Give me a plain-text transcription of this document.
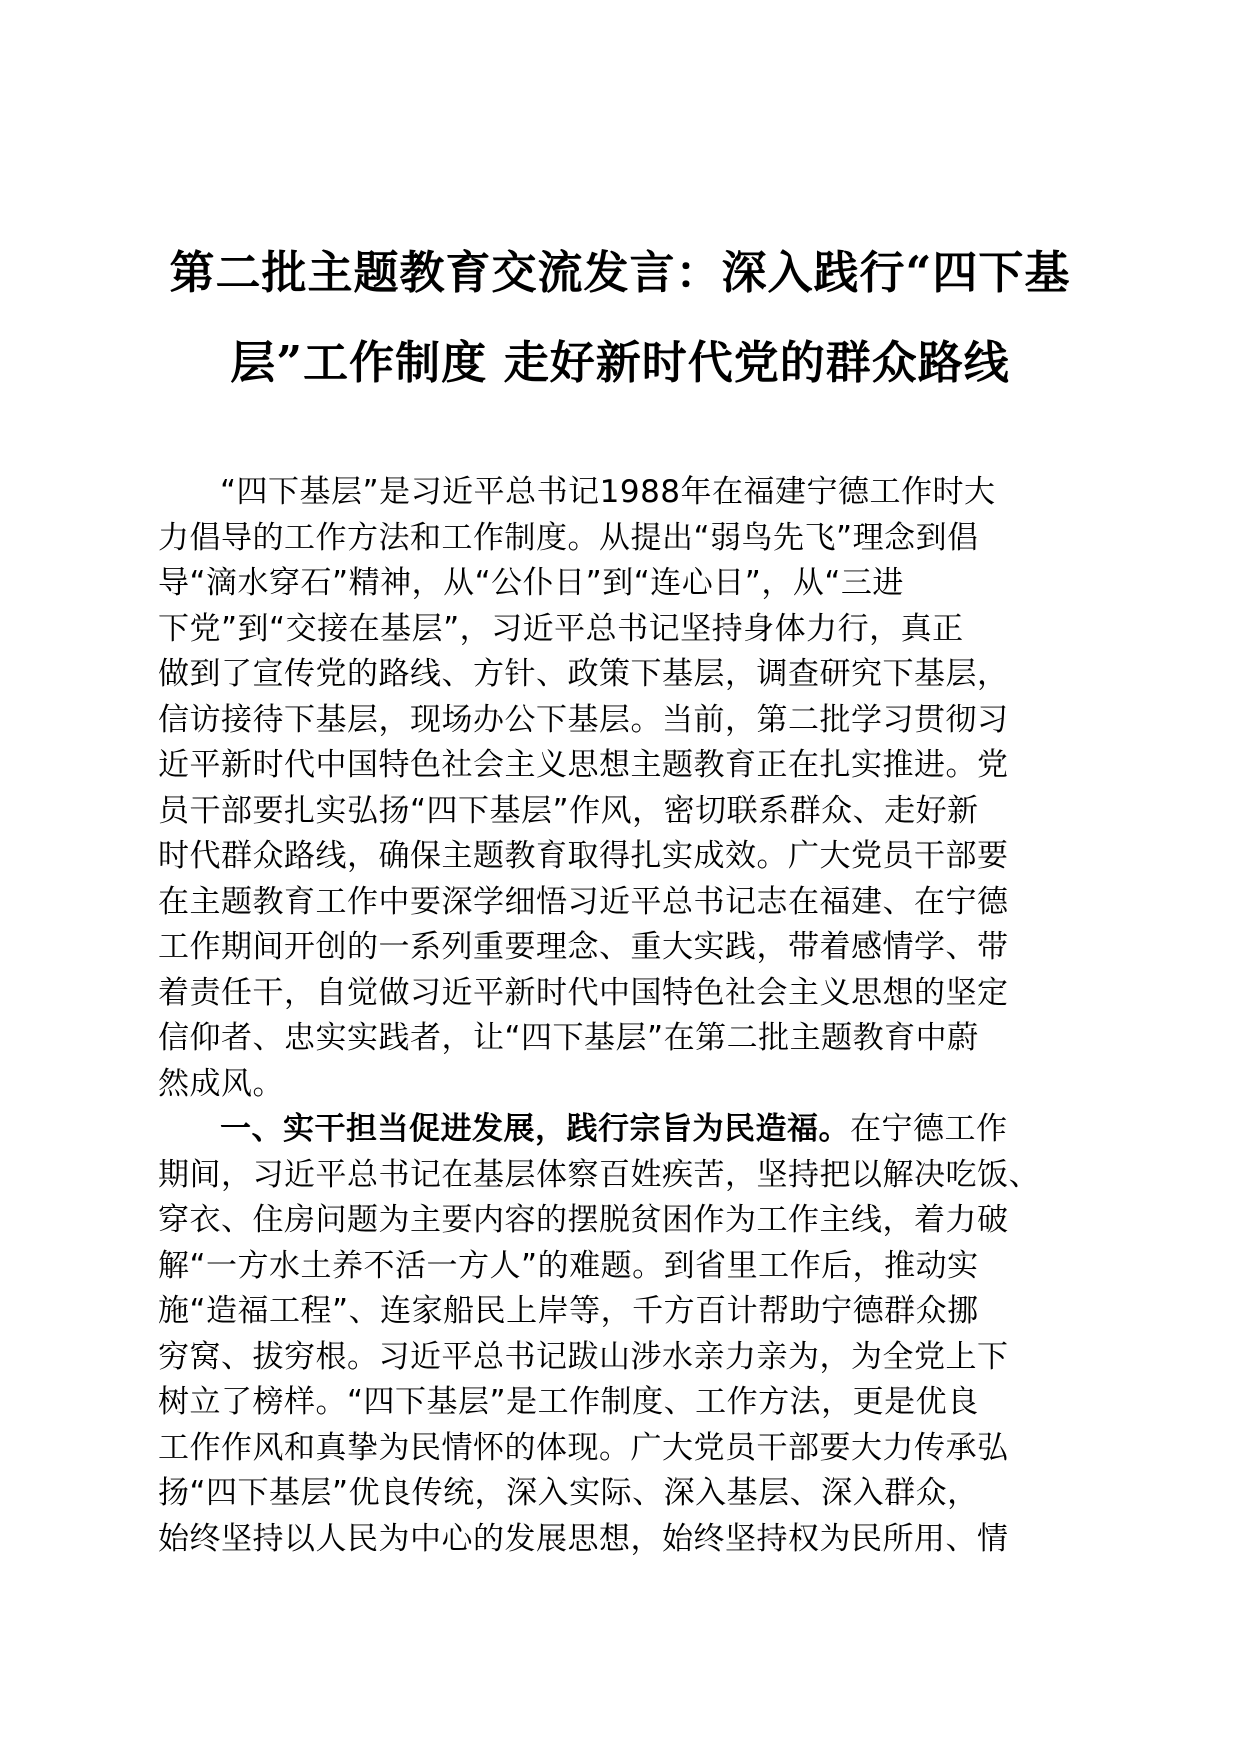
第二批主题教育交流发言：深入践行“四下基
层”工作制度 走好新时代党的群众路线
“四下基层”是习近平总书记1988年在福建宁德工作时大
力倡导的工作方法和工作制度。从提出“弱鸟先飞”理念到倡
导“滴水穿石”精神，从“公仆日”到“连心日”，从“三进
下党”到“交接在基层”，习近平总书记坚持身体力行，真正
做到了宣传党的路线、方针、政策下基层，调查研究下基层，
信访接待下基层，现场办公下基层。当前，第二批学习贯彻习
近平新时代中国特色社会主义思想主题教育正在扎实推进。党
员干部要扎实弘扬“四下基层”作风，密切联系群众、走好新
时代群众路线，确保主题教育取得扎实成效。广大党员干部要
在主题教育工作中要深学细悟习近平总书记志在福建、在宁德
工作期间开创的一系列重要理念、重大实践，带着感情学、带
着责任干，自觉做习近平新时代中国特色社会主义思想的坚定
信仰者、忠实实践者，让“四下基层”在第二批主题教育中蔚
然成风。
一、实干担当促进发展，践行宗旨为民造福。在宁德工作
期间，习近平总书记在基层体察百姓疾苦，坚持把以解决吃饭、
穿衣、住房问题为主要内容的摆脱贫困作为工作主线，着力破
解“一方水土养不活一方人”的难题。到省里工作后，推动实
施“造福工程”、连家船民上岸等，千方百计帮助宁德群众挪
穷窝、拔穷根。习近平总书记跋山涉水亲力亲为，为全党上下
树立了榜样。“四下基层”是工作制度、工作方法，更是优良
工作作风和真挚为民情怀的体现。广大党员干部要大力传承弘
扬“四下基层”优良传统，深入实际、深入基层、深入群众，
始终坚持以人民为中心的发展思想，始终坚持权为民所用、情
